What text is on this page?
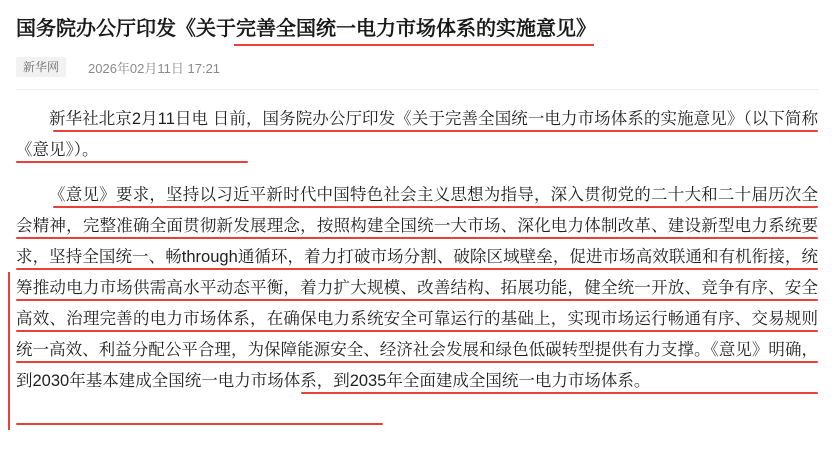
国务院办公厅印发《关于完善全国统一电力市场体系的实施意见》
新华网	2026年02月11日 17:21

新华社北京2月11日电 日前，国务院办公厅印发《关于完善全国统一电力市场体系的实施意见》（以下简称《意见》）。

《意见》要求，坚持以习近平新时代中国特色社会主义思想为指导，深入贯彻党的二十大和二十届历次全会精神，完整准确全面贯彻新发展理念，按照构建全国统一大市场、深化电力体制改革、建设新型电力系统要求，坚持全国统一、畅through通循环，着力打破市场分割、破除区域壁垒，促进市场高效联通和有机衔接，统筹推动电力市场供需高水平动态平衡，着力扩大规模、改善结构、拓展功能，健全统一开放、竞争有序、安全高效、治理完善的电力市场体系，在确保电力系统安全可靠运行的基础上，实现市场运行畅通有序、交易规则统一高效、利益分配公平合理，为保障能源安全、经济社会发展和绿色低碳转型提供有力支撑。《意见》明确，到2030年基本建成全国统一电力市场体系，到2035年全面建成全国统一电力市场体系。
